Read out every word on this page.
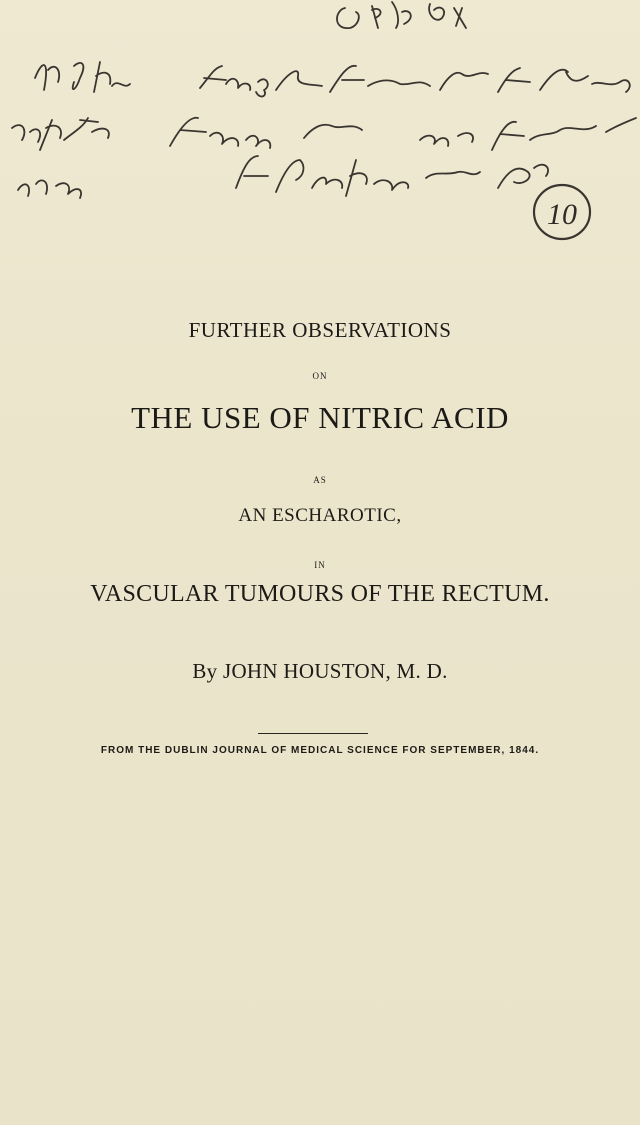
10
FURTHER OBSERVATIONS
ON
THE USE OF NITRIC ACID
AS
AN ESCHAROTIC,
IN
VASCULAR TUMOURS OF THE RECTUM.
By JOHN HOUSTON, M. D.
FROM THE DUBLIN JOURNAL OF MEDICAL SCIENCE FOR SEPTEMBER, 1844.
